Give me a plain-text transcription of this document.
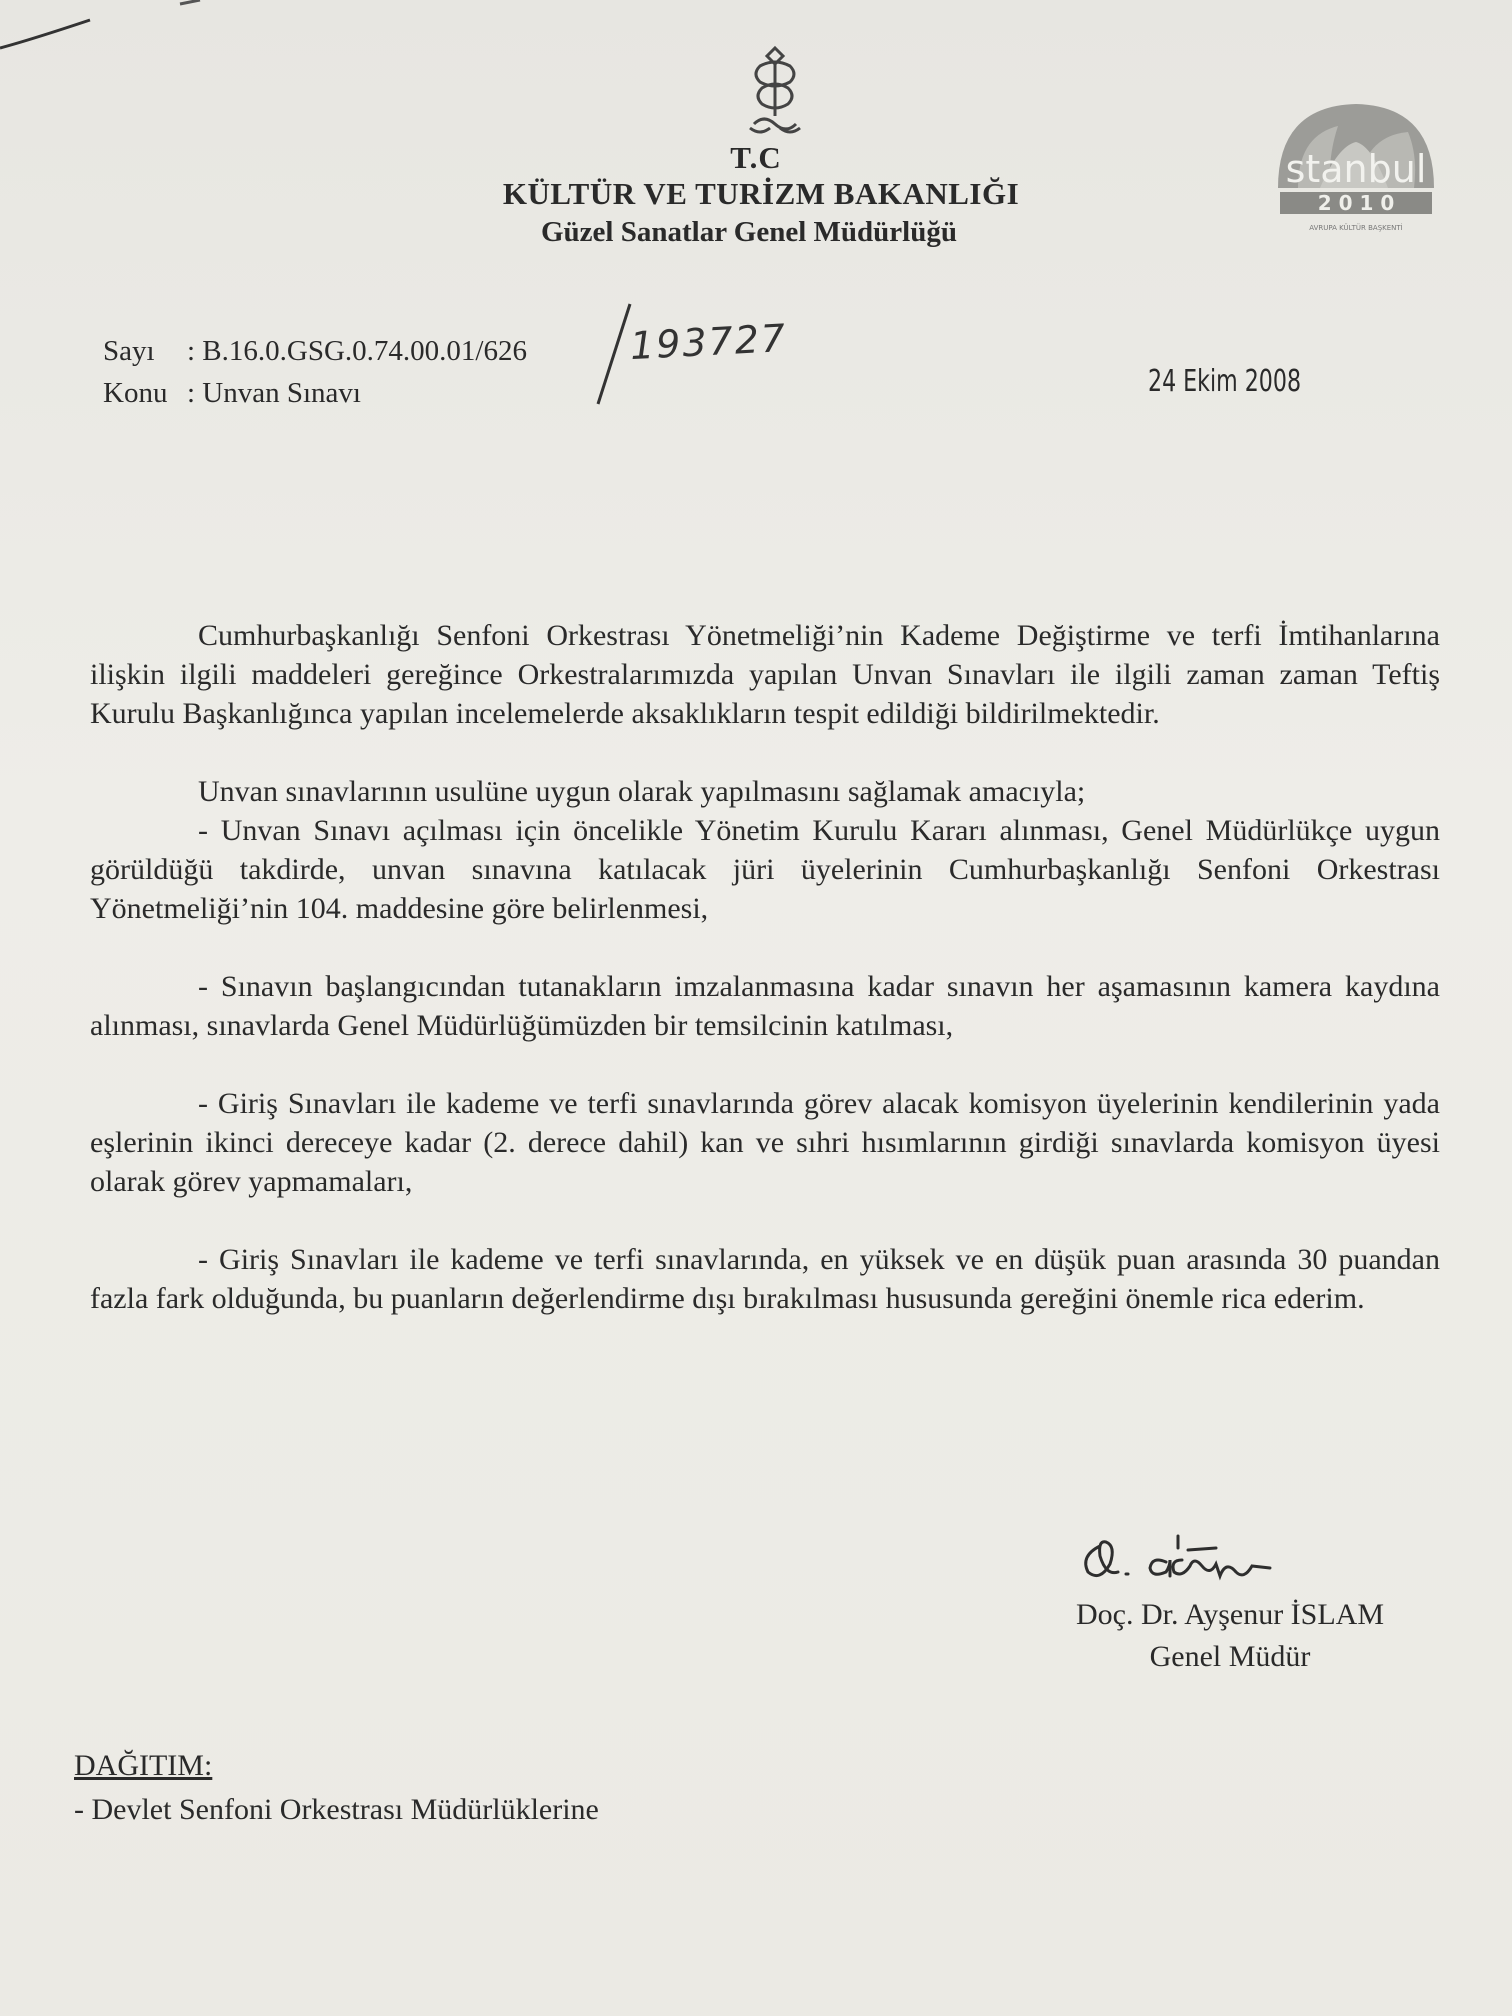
T.C
KÜLTÜR VE TURİZM BAKANLIĞI
Güzel Sanatlar Genel Müdürlüğü
stanbul
2 0 1 0
AVRUPA KÜLTÜR BAŞKENTİ
Sayı : B.16.0.GSG.0.74.00.01/626
Konu : Unvan Sınavı
193727
24 Ekim 2008

Cumhurbaşkanlığı Senfoni Orkestrası Yönetmeliği’nin Kademe Değiştirme ve terfi İmtihanlarına ilişkin ilgili maddeleri gereğince Orkestralarımızda yapılan Unvan Sınavları ile ilgili zaman zaman Teftiş Kurulu Başkanlığınca yapılan incelemelerde aksaklıkların tespit edildiği bildirilmektedir.

Unvan sınavlarının usulüne uygun olarak yapılmasını sağlamak amacıyla;

- Unvan Sınavı açılması için öncelikle Yönetim Kurulu Kararı alınması, Genel Müdürlükçe uygun görüldüğü takdirde, unvan sınavına katılacak jüri üyelerinin Cumhurbaşkanlığı Senfoni Orkestrası Yönetmeliği’nin 104. maddesine göre belirlenmesi,

- Sınavın başlangıcından tutanakların imzalanmasına kadar sınavın her aşamasının kamera kaydına alınması, sınavlarda Genel Müdürlüğümüzden bir temsilcinin katılması,

- Giriş Sınavları ile kademe ve terfi sınavlarında görev alacak komisyon üyelerinin kendilerinin yada eşlerinin ikinci dereceye kadar (2. derece dahil) kan ve sıhri hısımlarının girdiği sınavlarda komisyon üyesi olarak görev yapmamaları,

- Giriş Sınavları ile kademe ve terfi sınavlarında, en yüksek ve en düşük puan arasında 30 puandan fazla fark olduğunda, bu puanların değerlendirme dışı bırakılması hususunda gereğini önemle rica ederim.

Doç. Dr. Ayşenur İSLAM
Genel Müdür
DAĞITIM:
- Devlet Senfoni Orkestrası Müdürlüklerine
